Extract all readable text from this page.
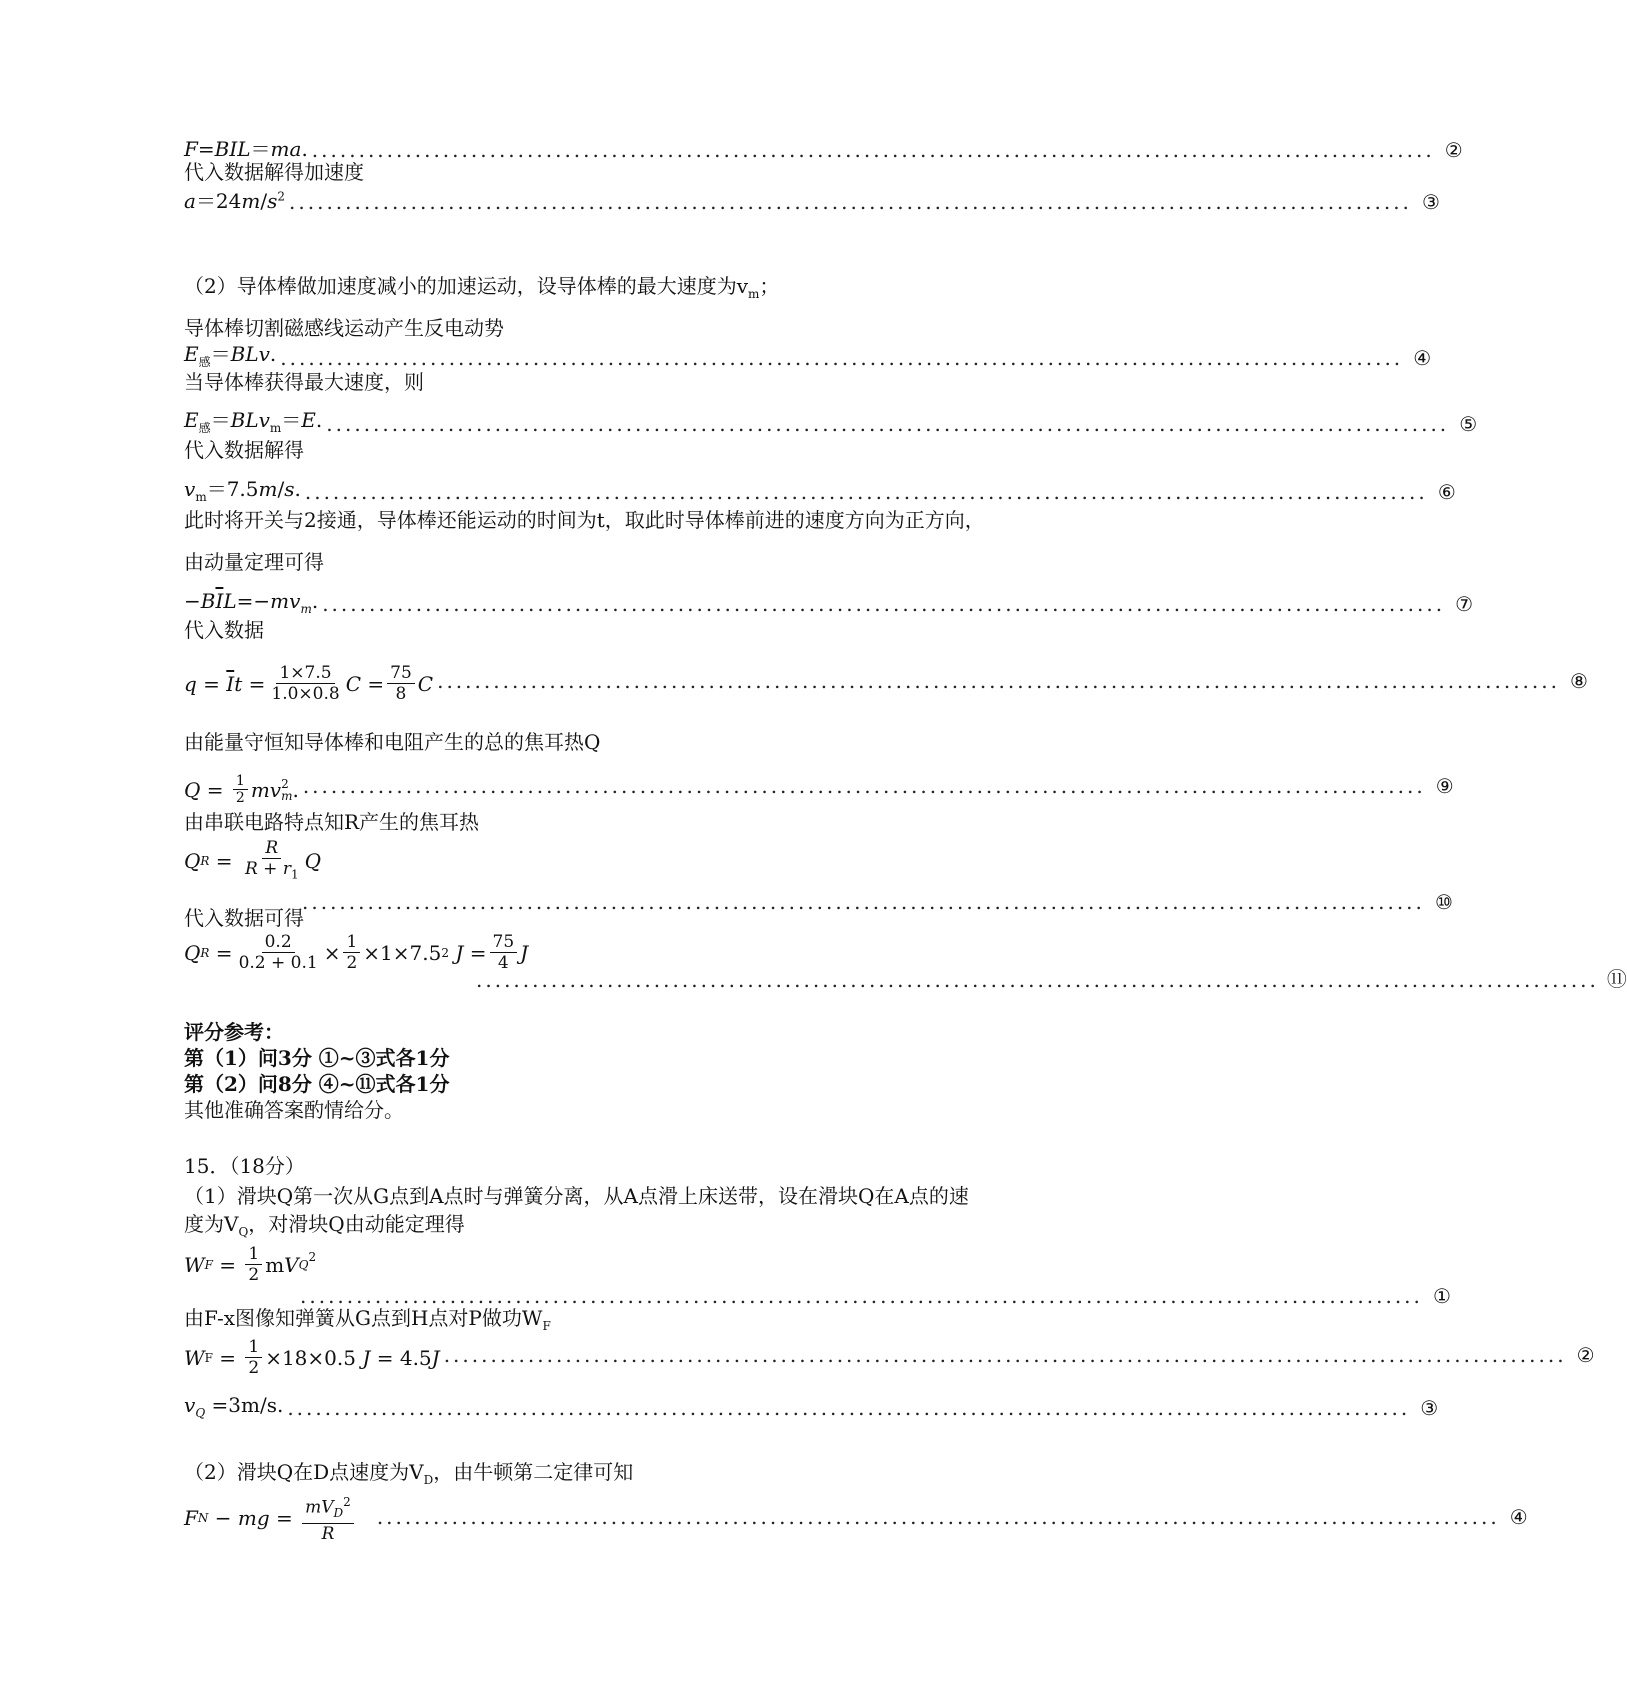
F=BIL＝ma. ........................................................................................................................ ②
代入数据解得加速度
$a=24m/s^2$ ........................................................................................................................ ③
（2）导体棒做加速度减小的加速运动，设导体棒的最大速度为$v_m$；
导体棒切割磁感线运动产生反电动势
$E_感=BLv$. ........................................................................................................................ ④
当导体棒获得最大速度，则
$E_感=BLv_m=E$. ........................................................................................................................ ⑤
代入数据解得
$v_m=7.5m/s$. ........................................................................................................................ ⑥
此时将开关与2接通，导体棒还能运动的时间为t，取此时导体棒前进的速度方向为正方向，
由动量定理可得
$-B\overline{I}L=-mv_m$. ........................................................................................................................ ⑦
代入数据
$q = \overline{I}$ $t = \frac{1\times 7.5}{1.0\times 0.8}$ $C = \frac{75}{8}$ C ........................................................................................................................ ⑧
由能量守恒知导体棒和电阻产生的总的焦耳热Q
$Q = \frac{1}{2}$ mv 2
m . ........................................................................................................................ ⑨
由串联电路特点知R产生的焦耳热
Q $R = \frac{R}{R + r_1}$ Q
........................................................................................................................ ⑩
代入数据可得
Q $R = \frac{0.2}{0.2 + 0.1} \times \frac{1}{2} \times 1\times 7.5$ 2
$J = \frac{75}{4}$ J
........................................................................................................................ ⑪
评分参考：
第（1）问3分 ①~③式各1分
第（2）问8分 ④~⑪式各1分
其他准确答案酌情给分。
15．（18分）
（1）滑块Q第一次从G点到A点时与弹簧分离，从A点滑上床送带，设在滑块Q在A点的速
度为$V_Q$，对滑块Q由动能定理得
W $F = \frac{1}{2}$ m V Q
$^2$
........................................................................................................................ ①
由F-x图像知弹簧从G点到H点对P做功$W_F$
W $F = \frac{1}{2} \times 18\times 0.5$ J = 4.5 J ........................................................................................................................ ②
$v_Q =3m/s$. ........................................................................................................................ ③
（2）滑块Q在D点速度为$V_D$，由牛顿第二定律可知
F N − mg = $\frac{mV_D^2}{R}$	........................................................................................................................ ④
